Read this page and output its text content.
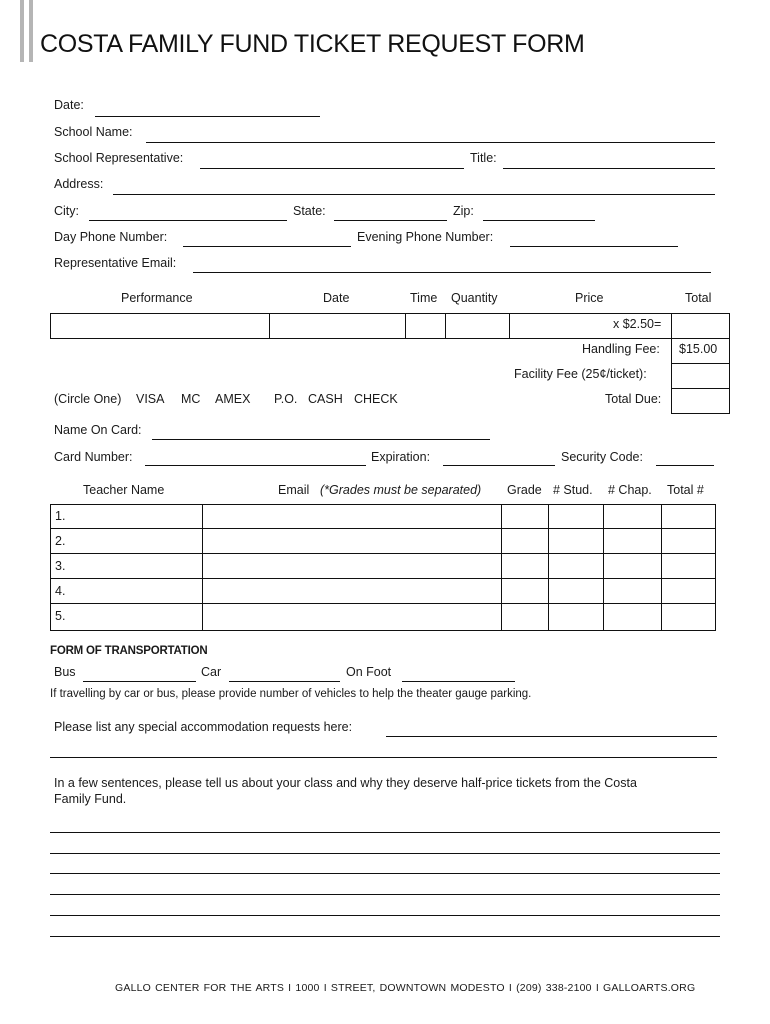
COSTA FAMILY FUND TICKET REQUEST FORM
Date:
School Name:
School Representative:	Title:
Address:
City:	State:	Zip:
Day Phone Number:	Evening Phone Number:
Representative Email:
Performance	Date	Time Quantity	Price	Total
x $2.50=
Handling Fee: $15.00
Facility Fee (25¢/ticket):
(Circle One) VISA MC AMEX P.O. CASH CHECK	Total Due:
Name On Card:
Card Number:	Expiration:	Security Code:
Teacher Name	Email (*Grades must be separated) Grade # Stud. # Chap. Total #
1.
2.
3.
4.
5.
FORM OF TRANSPORTATION
Bus	Car	On Foot
If travelling by car or bus, please provide number of vehicles to help the theater gauge parking.
Please list any special accommodation requests here:
In a few sentences, please tell us about your class and why they deserve half-price tickets from the Costa
Family Fund.
GALLO CENTER FOR THE ARTS I 1000 I STREET, DOWNTOWN MODESTO I (209) 338-2100 I GALLOARTS.ORG
